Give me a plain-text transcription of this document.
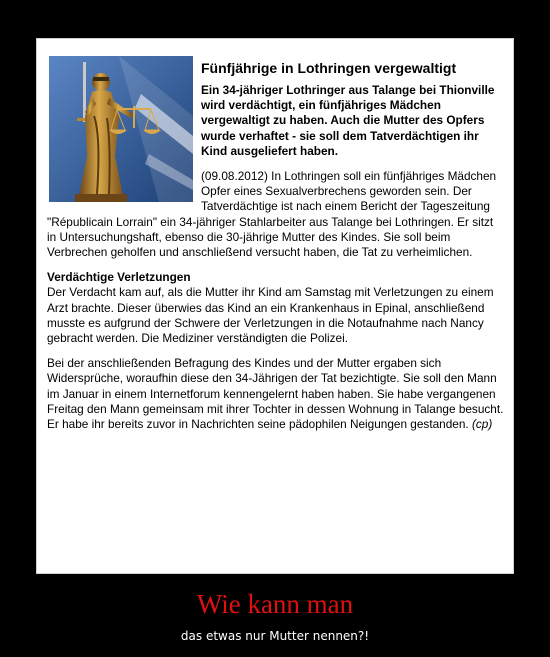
Fünfjährige in Lothringen vergewaltigt

Ein 34-jähriger Lothringer aus Talange bei Thionville wird verdächtigt, ein fünfjähriges Mädchen vergewaltigt zu haben. Auch die Mutter des Opfers wurde verhaftet - sie soll dem Tatverdächtigen ihr Kind ausgeliefert haben.

(09.08.2012) In Lothringen soll ein fünfjähriges Mädchen Opfer eines Sexualverbrechens geworden sein. Der Tatverdächtige ist nach einem Bericht der Tageszeitung "Républicain Lorrain" ein 34-jähriger Stahlarbeiter aus Talange bei Lothringen. Er sitzt in Untersuchungshaft, ebenso die 30-jährige Mutter des Kindes. Sie soll beim Verbrechen geholfen und anschließend versucht haben, die Tat zu verheimlichen.

Verdächtige Verletzungen

Der Verdacht kam auf, als die Mutter ihr Kind am Samstag mit Verletzungen zu einem Arzt brachte. Dieser überwies das Kind an ein Krankenhaus in Epinal, anschließend musste es aufgrund der Schwere der Verletzungen in die Notaufnahme nach Nancy gebracht werden. Die Mediziner verständigten die Polizei.

Bei der anschließenden Befragung des Kindes und der Mutter ergaben sich Widersprüche, woraufhin diese den 34-Jährigen der Tat bezichtigte. Sie soll den Mann im Januar in einem Internetforum kennengelernt haben haben. Sie habe vergangenen Freitag den Mann gemeinsam mit ihrer Tochter in dessen Wohnung in Talange besucht. Er habe ihr bereits zuvor in Nachrichten seine pädophilen Neigungen gestanden. (cp)

Wie kann man
das etwas nur Mutter nennen?!
